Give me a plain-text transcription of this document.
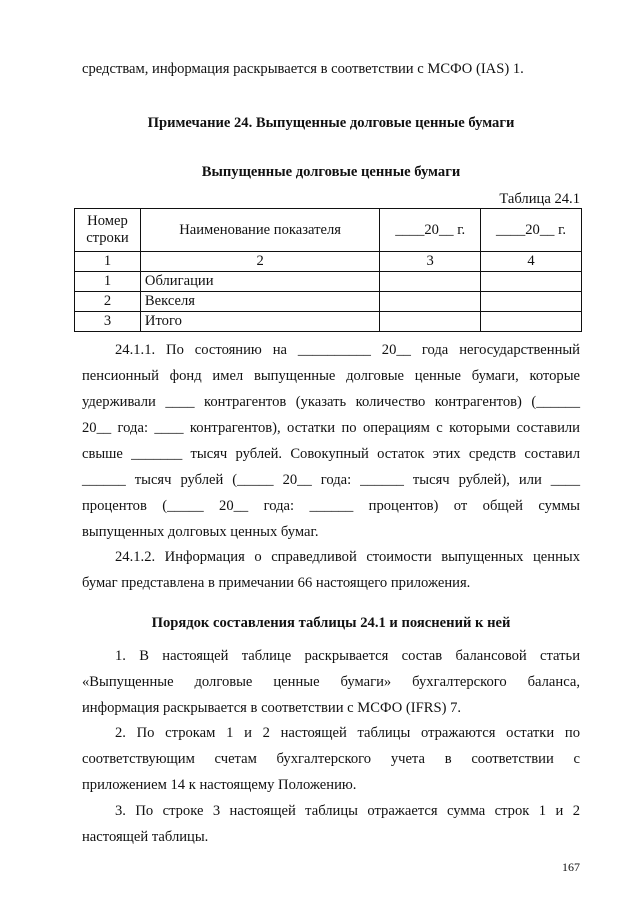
средствам, информация раскрывается в соответствии с МСФО (IAS) 1.
Примечание 24. Выпущенные долговые ценные бумаги
Выпущенные долговые ценные бумаги
Таблица 24.1
Номер строки	Наименование показателя	____20__ г.	____20__ г.
1	2	3	4
1	Облигации		
2	Векселя		
3	Итого		
24.1.1. По состоянию на __________ 20__ года негосударственный
пенсионный фонд имел выпущенные долговые ценные бумаги, которые
удерживали ____ контрагентов (указать количество контрагентов) (______
20__ года: ____ контрагентов), остатки по операциям с которыми составили
свыше _______ тысяч рублей. Совокупный остаток этих средств составил
______ тысяч рублей (_____ 20__ года: ______ тысяч рублей), или ____
процентов (_____ 20__ года: ______ процентов) от общей суммы
выпущенных долговых ценных бумаг.
24.1.2. Информация о справедливой стоимости выпущенных ценных
бумаг представлена в примечании 66 настоящего приложения.
Порядок составления таблицы 24.1 и пояснений к ней
1. В настоящей таблице раскрывается состав балансовой статьи
«Выпущенные долговые ценные бумаги» бухгалтерского баланса,
информация раскрывается в соответствии с МСФО (IFRS) 7.
2. По строкам 1 и 2 настоящей таблицы отражаются остатки по
соответствующим счетам бухгалтерского учета в соответствии с
приложением 14 к настоящему Положению.
3. По строке 3 настоящей таблицы отражается сумма строк 1 и 2
настоящей таблицы.
167
